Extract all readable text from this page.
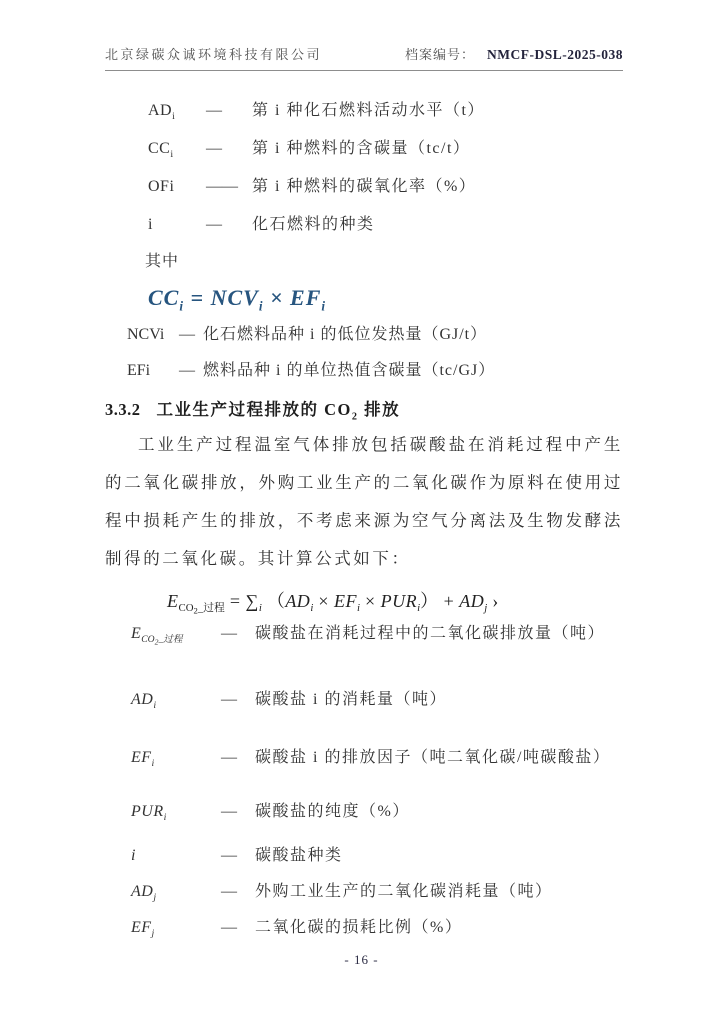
北京绿碳众诚环境科技有限公司	档案编号： NMCF-DSL-2025-038
$AD_i$	—	第 i 种化石燃料活动水平（t）
$CC_i$	—	第 i 种燃料的含碳量（tc/t）
OFi	—— 第 i 种燃料的碳氧化率（%）
i	—	化石燃料的种类
其中
$CC_i = NCV_i \times EF_i$
NCVi — 化石燃料品种 i 的低位发热量（GJ/t）
EFi	— 燃料品种 i 的单位热值含碳量（tc/GJ）
3.3.2 工业生产过程排放的 $CO_2$ 排放
工业生产过程温室气体排放包括碳酸盐在消耗过程中产生的二氧化碳排放，外购工业生产的二氧化碳作为原料在使用过程中损耗产生的排放，不考虑来源为空气分离法及生物发酵法制得的二氧化碳。其计算公式如下：
$E_{CO_2\_过程} = \sum_i$ $(AD_i \times EF_i \times PUR_i) + AD_j$ ›
$E_{CO_2\_过程}$	—	碳酸盐在消耗过程中的二氧化碳排放量（吨）
$AD_i$	—	碳酸盐 i 的消耗量（吨）
$EF_i$	—	碳酸盐 i 的排放因子（吨二氧化碳/吨碳酸盐）
$PUR_i$	—	碳酸盐的纯度（%）
i	—	碳酸盐种类
$AD_j$	—	外购工业生产的二氧化碳消耗量（吨）
$EF_j$	—	二氧化碳的损耗比例（%）
- 16 -
